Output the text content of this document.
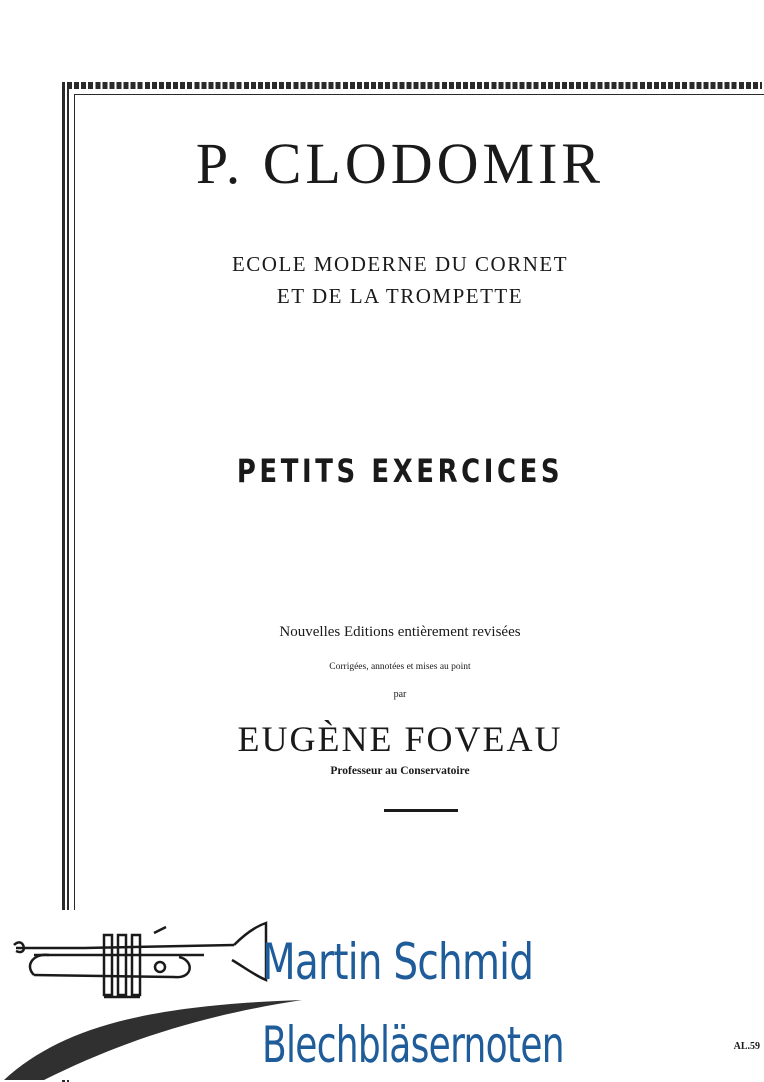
P. CLODOMIR
ECOLE MODERNE DU CORNET
ET DE LA TROMPETTE
PETITS EXERCICES
Nouvelles Editions entièrement revisées
Corrigées, annotées et mises au point
par
EUGÈNE FOVEAU
Professeur au Conservatoire
Martin Schmid
Blechbläsernoten	AL.59
